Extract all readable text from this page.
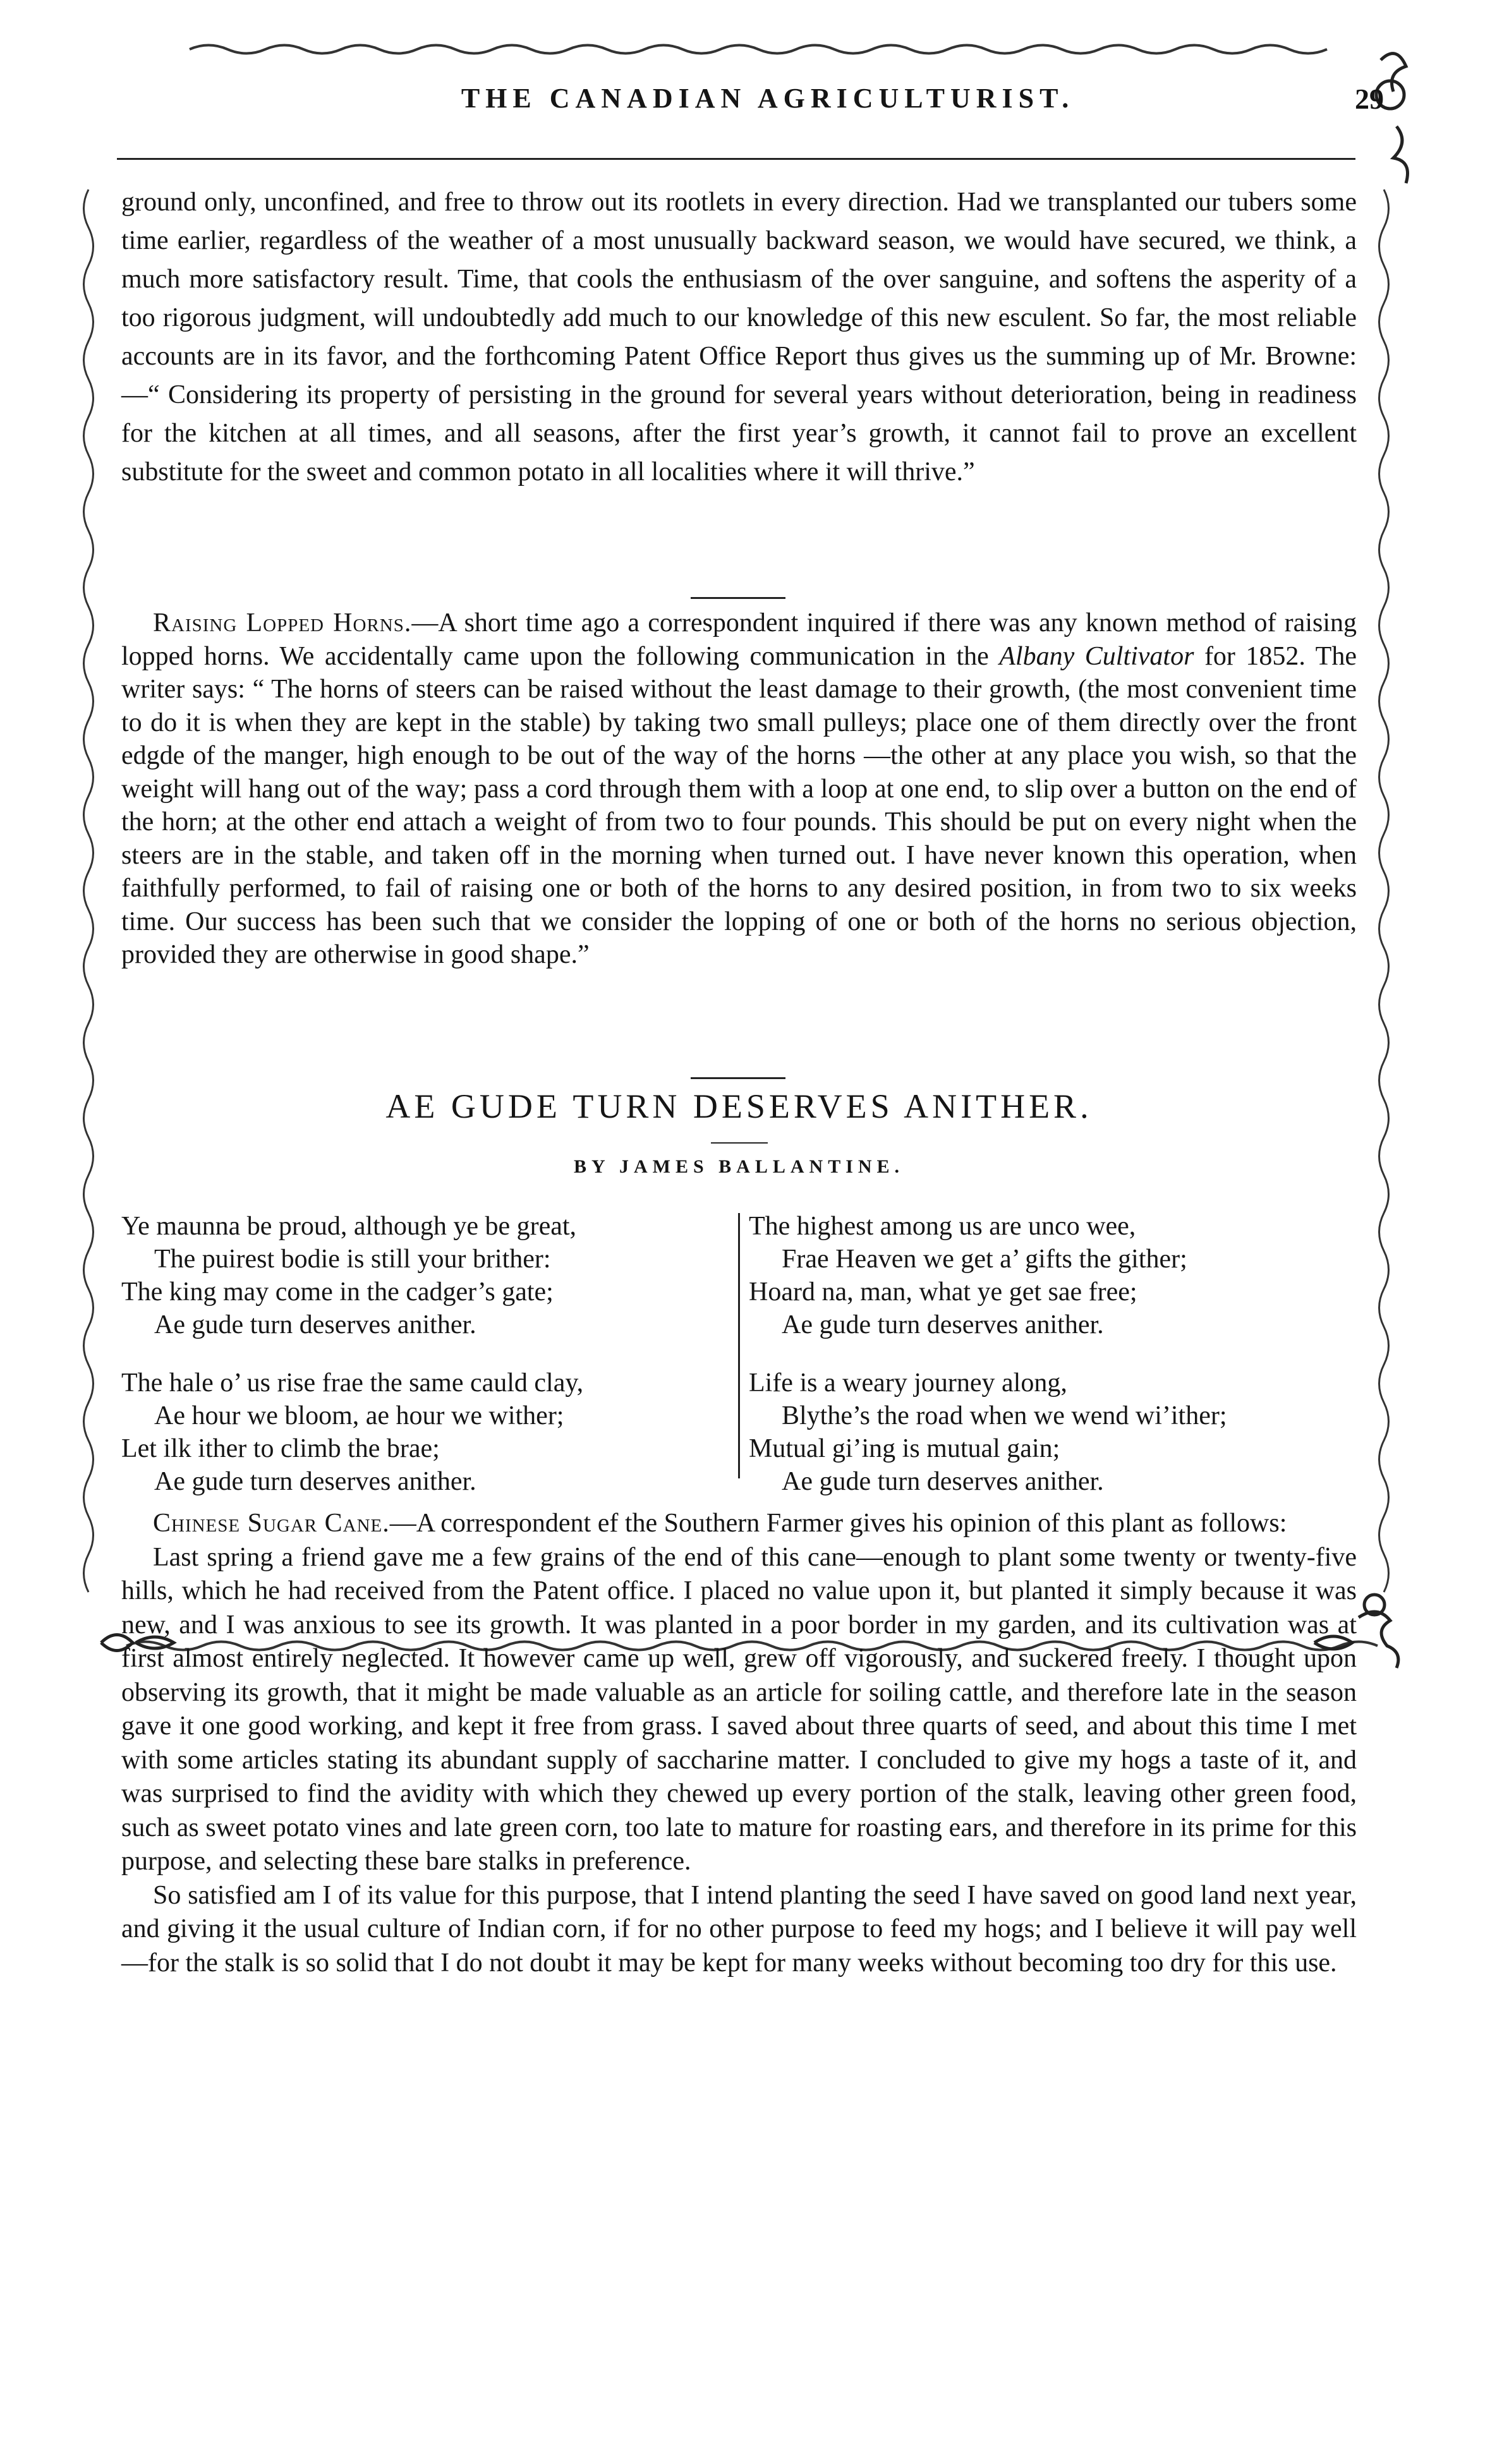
THE CANADIAN AGRICULTURIST.	29

ground only, unconfined, and free to throw out its rootlets in every direction. Had we transplanted our tubers some time earlier, regardless of the weather of a most unusually backward season, we would have secured, we think, a much more satisfactory result. Time, that cools the enthusiasm of the over sanguine, and softens the asperity of a too rigorous judgment, will undoubtedly add much to our knowledge of this new esculent. So far, the most reliable accounts are in its favor, and the forthcoming Patent Office Report thus gives us the summing up of Mr. Browne:—“ Considering its property of persisting in the ground for several years without deterioration, being in readiness for the kitchen at all times, and all seasons, after the first year’s growth, it cannot fail to prove an excellent substitute for the sweet and common potato in all localities where it will thrive.”

Raising Lopped Horns.—A short time ago a correspondent inquired if there was any known method of raising lopped horns. We accidentally came upon the following communication in the Albany Cultivator for 1852. The writer says: “ The horns of steers can be raised without the least damage to their growth, (the most convenient time to do it is when they are kept in the stable) by taking two small pulleys; place one of them directly over the front edgde of the manger, high enough to be out of the way of the horns —the other at any place you wish, so that the weight will hang out of the way; pass a cord through them with a loop at one end, to slip over a button on the end of the horn; at the other end attach a weight of from two to four pounds. This should be put on every night when the steers are in the stable, and taken off in the morning when turned out. I have never known this operation, when faithfully performed, to fail of raising one or both of the horns to any desired position, in from two to six weeks time. Our success has been such that we consider the lopping of one or both of the horns no serious objection, provided they are otherwise in good shape.”

AE GUDE TURN DESERVES ANITHER.
BY JAMES BALLANTINE.
Ye maunna be proud, although ye be great,
The puirest bodie is still your brither:
The king may come in the cadger’s gate;
Ae gude turn deserves anither.
The hale o’ us rise frae the same cauld clay,
Ae hour we bloom, ae hour we wither;
Let ilk ither to climb the brae;
Ae gude turn deserves anither.
The highest among us are unco wee,
Frae Heaven we get a’ gifts the gither;
Hoard na, man, what ye get sae free;
Ae gude turn deserves anither.
Life is a weary journey along,
Blythe’s the road when we wend wi’ither;
Mutual gi’ing is mutual gain;
Ae gude turn deserves anither.

Chinese Sugar Cane.—A correspondent ef the Southern Farmer gives his opinion of this plant as follows:

Last spring a friend gave me a few grains of the end of this cane—enough to plant some twenty or twenty-five hills, which he had received from the Patent office. I placed no value upon it, but planted it simply because it was new, and I was anxious to see its growth. It was planted in a poor border in my garden, and its cultivation was at first almost entirely neglected. It however came up well, grew off vigorously, and suckered freely. I thought upon observing its growth, that it might be made valuable as an article for soiling cattle, and therefore late in the season gave it one good working, and kept it free from grass. I saved about three quarts of seed, and about this time I met with some articles stating its abundant supply of saccharine matter. I concluded to give my hogs a taste of it, and was surprised to find the avidity with which they chewed up every portion of the stalk, leaving other green food, such as sweet potato vines and late green corn, too late to mature for roasting ears, and therefore in its prime for this purpose, and selecting these bare stalks in preference.

So satisfied am I of its value for this purpose, that I intend planting the seed I have saved on good land next year, and giving it the usual culture of Indian corn, if for no other purpose to feed my hogs; and I believe it will pay well—for the stalk is so solid that I do not doubt it may be kept for many weeks without becoming too dry for this use.
